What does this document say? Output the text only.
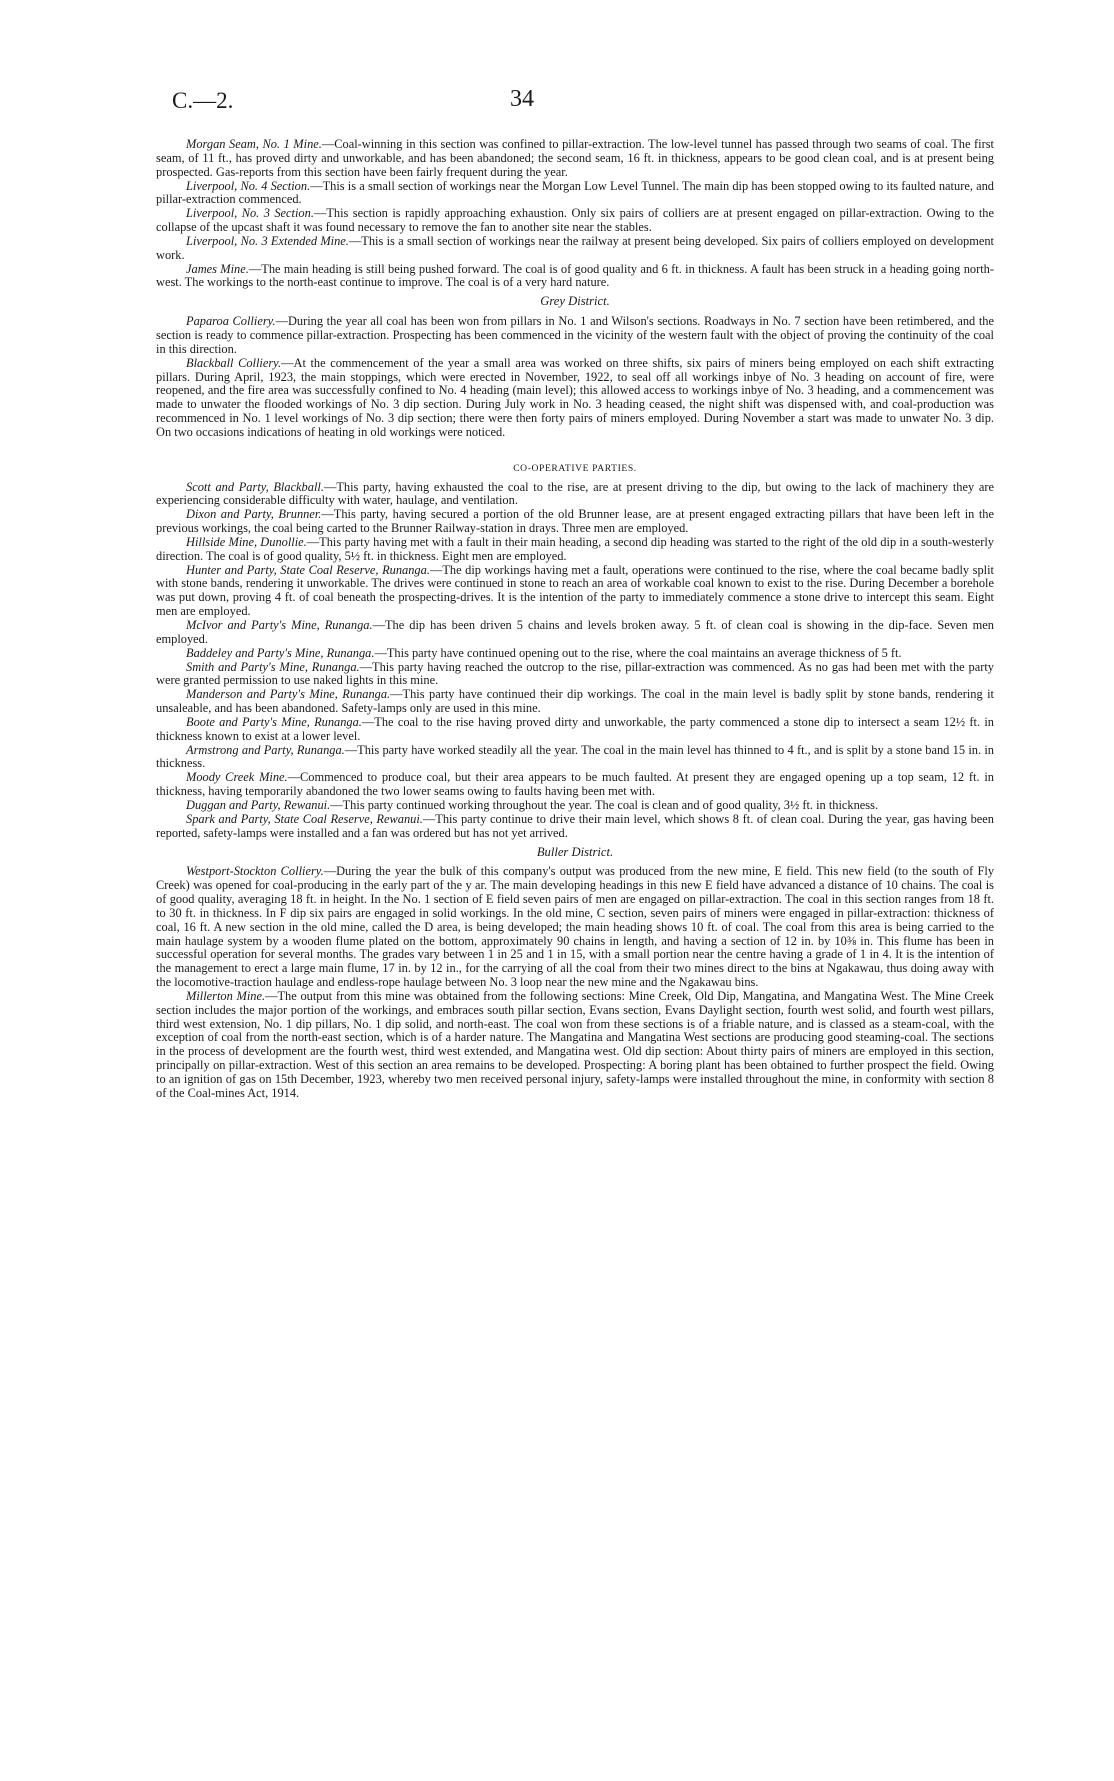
C.—2.	34

Morgan Seam, No. 1 Mine.—Coal-winning in this section was confined to pillar-extraction. The low-level tunnel has passed through two seams of coal. The first seam, of 11 ft., has proved dirty and unworkable, and has been abandoned; the second seam, 16 ft. in thickness, appears to be good clean coal, and is at present being prospected. Gas-reports from this section have been fairly frequent during the year.

Liverpool, No. 4 Section.—This is a small section of workings near the Morgan Low Level Tunnel. The main dip has been stopped owing to its faulted nature, and pillar-extraction commenced.

Liverpool, No. 3 Section.—This section is rapidly approaching exhaustion. Only six pairs of colliers are at present engaged on pillar-extraction. Owing to the collapse of the upcast shaft it was found necessary to remove the fan to another site near the stables.

Liverpool, No. 3 Extended Mine.—This is a small section of workings near the railway at present being developed. Six pairs of colliers employed on development work.

James Mine.—The main heading is still being pushed forward. The coal is of good quality and 6 ft. in thickness. A fault has been struck in a heading going north-west. The workings to the north-east continue to improve. The coal is of a very hard nature.

Grey District.

Paparoa Colliery.—During the year all coal has been won from pillars in No. 1 and Wilson's sections. Roadways in No. 7 section have been retimbered, and the section is ready to commence pillar-extraction. Prospecting has been commenced in the vicinity of the western fault with the object of proving the continuity of the coal in this direction.

Blackball Colliery.—At the commencement of the year a small area was worked on three shifts, six pairs of miners being employed on each shift extracting pillars. During April, 1923, the main stoppings, which were erected in November, 1922, to seal off all workings inbye of No. 3 heading on account of fire, were reopened, and the fire area was successfully confined to No. 4 heading (main level); this allowed access to workings inbye of No. 3 heading, and a commencement was made to unwater the flooded workings of No. 3 dip section. During July work in No. 3 heading ceased, the night shift was dispensed with, and coal-production was recommenced in No. 1 level workings of No. 3 dip section; there were then forty pairs of miners employed. During November a start was made to unwater No. 3 dip. On two occasions indications of heating in old workings were noticed.

CO-OPERATIVE PARTIES.

Scott and Party, Blackball.—This party, having exhausted the coal to the rise, are at present driving to the dip, but owing to the lack of machinery they are experiencing considerable difficulty with water, haulage, and ventilation.

Dixon and Party, Brunner.—This party, having secured a portion of the old Brunner lease, are at present engaged extracting pillars that have been left in the previous workings, the coal being carted to the Brunner Railway-station in drays. Three men are employed.

Hillside Mine, Dunollie.—This party having met with a fault in their main heading, a second dip heading was started to the right of the old dip in a south-westerly direction. The coal is of good quality, 5½ ft. in thickness. Eight men are employed.

Hunter and Party, State Coal Reserve, Runanga.—The dip workings having met a fault, operations were continued to the rise, where the coal became badly split with stone bands, rendering it unworkable. The drives were continued in stone to reach an area of workable coal known to exist to the rise. During December a borehole was put down, proving 4 ft. of coal beneath the prospecting-drives. It is the intention of the party to immediately commence a stone drive to intercept this seam. Eight men are employed.

McIvor and Party's Mine, Runanga.—The dip has been driven 5 chains and levels broken away. 5 ft. of clean coal is showing in the dip-face. Seven men employed.

Baddeley and Party's Mine, Runanga.—This party have continued opening out to the rise, where the coal maintains an average thickness of 5 ft.

Smith and Party's Mine, Runanga.—This party having reached the outcrop to the rise, pillar-extraction was commenced. As no gas had been met with the party were granted permission to use naked lights in this mine.

Manderson and Party's Mine, Runanga.—This party have continued their dip workings. The coal in the main level is badly split by stone bands, rendering it unsaleable, and has been abandoned. Safety-lamps only are used in this mine.

Boote and Party's Mine, Runanga.—The coal to the rise having proved dirty and unworkable, the party commenced a stone dip to intersect a seam 12½ ft. in thickness known to exist at a lower level.

Armstrong and Party, Runanga.—This party have worked steadily all the year. The coal in the main level has thinned to 4 ft., and is split by a stone band 15 in. in thickness.

Moody Creek Mine.—Commenced to produce coal, but their area appears to be much faulted. At present they are engaged opening up a top seam, 12 ft. in thickness, having temporarily abandoned the two lower seams owing to faults having been met with.

Duggan and Party, Rewanui.—This party continued working throughout the year. The coal is clean and of good quality, 3½ ft. in thickness.

Spark and Party, State Coal Reserve, Rewanui.—This party continue to drive their main level, which shows 8 ft. of clean coal. During the year, gas having been reported, safety-lamps were installed and a fan was ordered but has not yet arrived.

Buller District.

Westport-Stockton Colliery.—During the year the bulk of this company's output was produced from the new mine, E field. This new field (to the south of Fly Creek) was opened for coal-producing in the early part of the y ar. The main developing headings in this new E field have advanced a distance of 10 chains. The coal is of good quality, averaging 18 ft. in height. In the No. 1 section of E field seven pairs of men are engaged on pillar-extraction. The coal in this section ranges from 18 ft. to 30 ft. in thickness. In F dip six pairs are engaged in solid workings. In the old mine, C section, seven pairs of miners were engaged in pillar-extraction: thickness of coal, 16 ft. A new section in the old mine, called the D area, is being developed; the main heading shows 10 ft. of coal. The coal from this area is being carried to the main haulage system by a wooden flume plated on the bottom, approximately 90 chains in length, and having a section of 12 in. by 10⅜ in. This flume has been in successful operation for several months. The grades vary between 1 in 25 and 1 in 15, with a small portion near the centre having a grade of 1 in 4. It is the intention of the management to erect a large main flume, 17 in. by 12 in., for the carrying of all the coal from their two mines direct to the bins at Ngakawau, thus doing away with the locomotive-traction haulage and endless-rope haulage between No. 3 loop near the new mine and the Ngakawau bins.

Millerton Mine.—The output from this mine was obtained from the following sections: Mine Creek, Old Dip, Mangatina, and Mangatina West. The Mine Creek section includes the major portion of the workings, and embraces south pillar section, Evans section, Evans Daylight section, fourth west solid, and fourth west pillars, third west extension, No. 1 dip pillars, No. 1 dip solid, and north-east. The coal won from these sections is of a friable nature, and is classed as a steam-coal, with the exception of coal from the north-east section, which is of a harder nature. The Mangatina and Mangatina West sections are producing good steaming-coal. The sections in the process of development are the fourth west, third west extended, and Mangatina west. Old dip section: About thirty pairs of miners are employed in this section, principally on pillar-extraction. West of this section an area remains to be developed. Prospecting: A boring plant has been obtained to further prospect the field. Owing to an ignition of gas on 15th December, 1923, whereby two men received personal injury, safety-lamps were installed throughout the mine, in conformity with section 8 of the Coal-mines Act, 1914.
